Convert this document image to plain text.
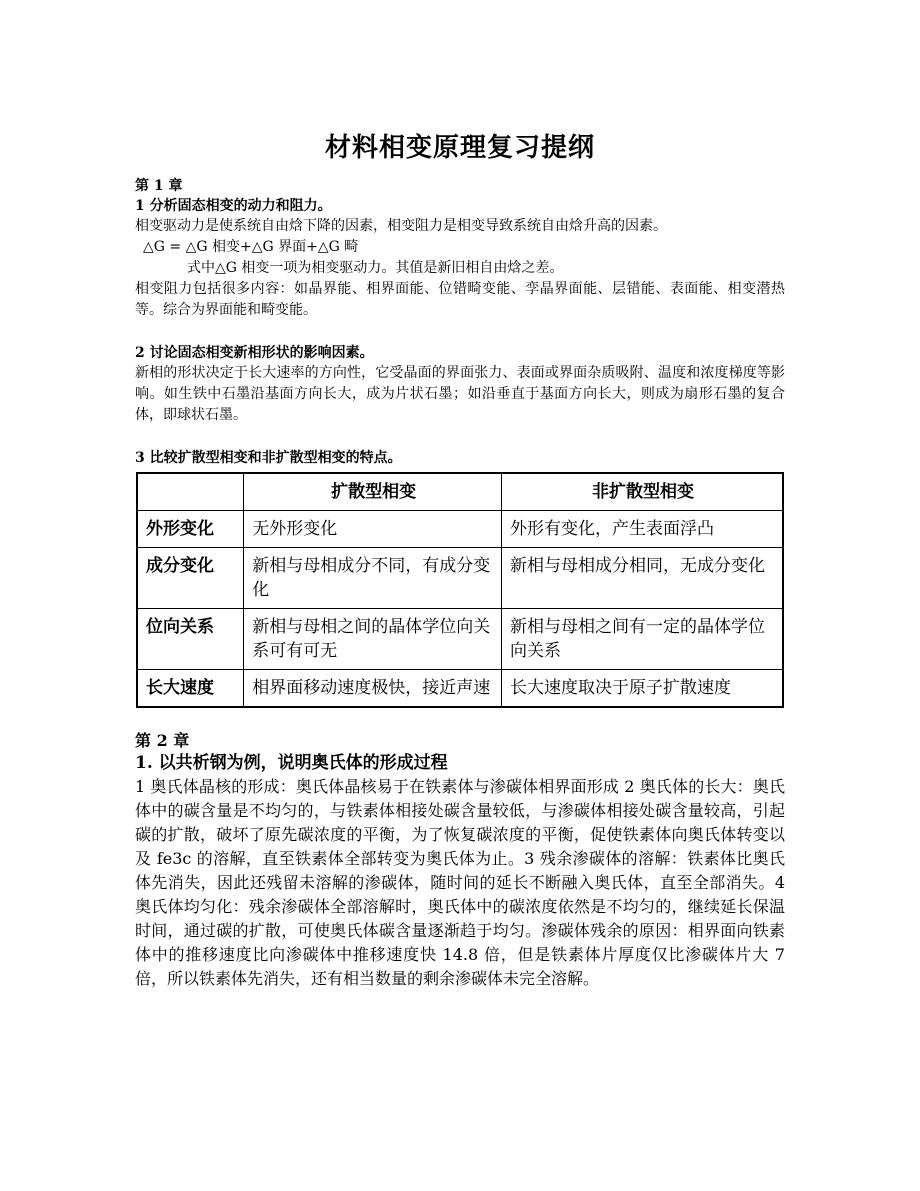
材料相变原理复习提纲

第 1 章

1 分析固态相变的动力和阻力。

相变驱动力是使系统自由焓下降的因素，相变阻力是相变导致系统自由焓升高的因素。

△G = △G 相变+△G 界面+△G 畸

式中△G 相变一项为相变驱动力。其值是新旧相自由焓之差。

相变阻力包括很多内容：如晶界能、相界面能、位错畸变能、孪晶界面能、层错能、表面能、相变潜热等。综合为界面能和畸变能。

2 讨论固态相变新相形状的影响因素。

新相的形状决定于长大速率的方向性，它受晶面的界面张力、表面或界面杂质吸附、温度和浓度梯度等影响。如生铁中石墨沿基面方向长大，成为片状石墨；如沿垂直于基面方向长大，则成为扇形石墨的复合体，即球状石墨。

3 比较扩散型相变和非扩散型相变的特点。

	扩散型相变	非扩散型相变
外形变化	无外形变化	外形有变化，产生表面浮凸
成分变化	新相与母相成分不同，有成分变化	新相与母相成分相同，无成分变化
位向关系	新相与母相之间的晶体学位向关系可有可无	新相与母相之间有一定的晶体学位向关系
长大速度	相界面移动速度极快，接近声速	长大速度取决于原子扩散速度

第 2 章

1. 以共析钢为例，说明奥氏体的形成过程

1 奥氏体晶核的形成：奥氏体晶核易于在铁素体与渗碳体相界面形成 2 奥氏体的长大：奥氏体中的碳含量是不均匀的，与铁素体相接处碳含量较低，与渗碳体相接处碳含量较高，引起碳的扩散，破坏了原先碳浓度的平衡，为了恢复碳浓度的平衡，促使铁素体向奥氏体转变以及 fe3c 的溶解，直至铁素体全部转变为奥氏体为止。3 残余渗碳体的溶解：铁素体比奥氏体先消失，因此还残留未溶解的渗碳体，随时间的延长不断融入奥氏体，直至全部消失。4 奥氏体均匀化：残余渗碳体全部溶解时，奥氏体中的碳浓度依然是不均匀的，继续延长保温时间，通过碳的扩散，可使奥氏体碳含量逐渐趋于均匀。渗碳体残余的原因：相界面向铁素体中的推移速度比向渗碳体中推移速度快 14.8 倍，但是铁素体片厚度仅比渗碳体片大 7 倍，所以铁素体先消失，还有相当数量的剩余渗碳体未完全溶解。
